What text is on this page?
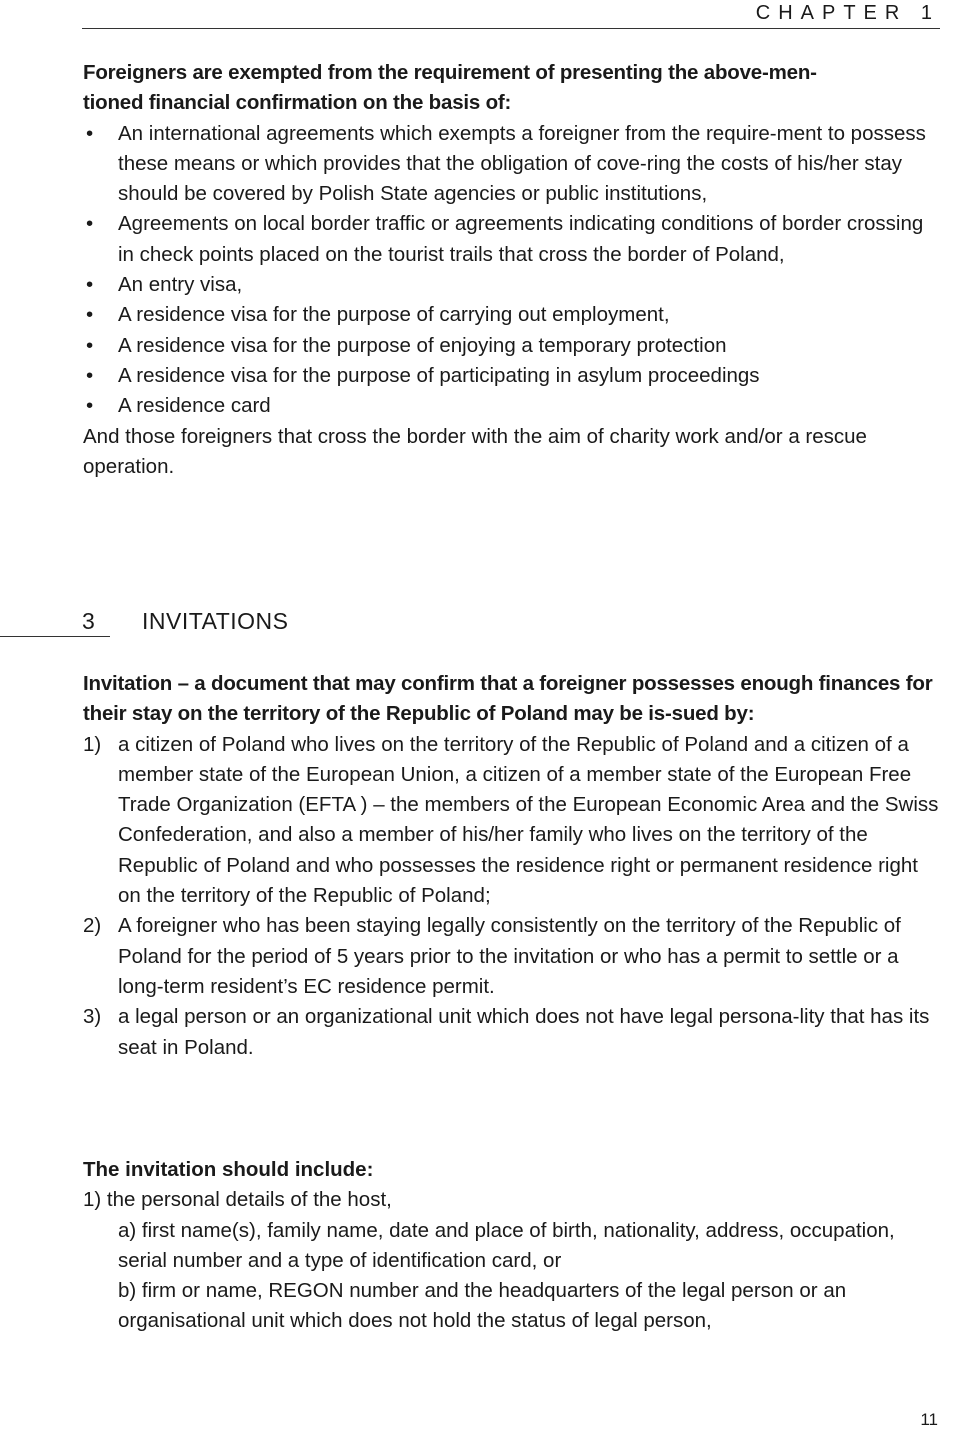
CHAPTER 1
Foreigners are exempted from the requirement of presenting the above-men-
tioned financial confirmation on the basis of:
• An international agreements which exempts a foreigner from the require-ment to possess these means or which provides that the obligation of cove-ring the costs of his/her stay should be covered by Polish State agencies or public institutions,
• Agreements on local border traffic or agreements indicating conditions of border crossing in check points placed on the tourist trails that cross the border of Poland,
• An entry visa,
• A residence visa for the purpose of carrying out employment,
• A residence visa for the purpose of enjoying a temporary protection
• A residence visa for the purpose of participating in asylum proceedings
• A residence card
And those foreigners that cross the border with the aim of charity work and/or a rescue operation.
3 INVITATIONS
Invitation – a document that may confirm that a foreigner possesses enough finances for their stay on the territory of the Republic of Poland may be is-sued by:
1) a citizen of Poland who lives on the territory of the Republic of Poland and a citizen of a member state of the European Union, a citizen of a member state of the European Free Trade Organization (EFTA ) – the members of the European Economic Area and the Swiss Confederation, and also a member of his/her family who lives on the territory of the Republic of Poland and who possesses the residence right or permanent residence right on the territory of the Republic of Poland;
2) A foreigner who has been staying legally consistently on the territory of the Republic of Poland for the period of 5 years prior to the invitation or who has a permit to settle or a long-term resident’s EC residence permit.
3) a legal person or an organizational unit which does not have legal persona-lity that has its seat in Poland.
The invitation should include:
1) the personal details of the host,
a) first name(s), family name, date and place of birth, nationality, address, occupation, serial number and a type of identification card, or
b) firm or name, REGON number and the headquarters of the legal person or an organisational unit which does not hold the status of legal person,
11
